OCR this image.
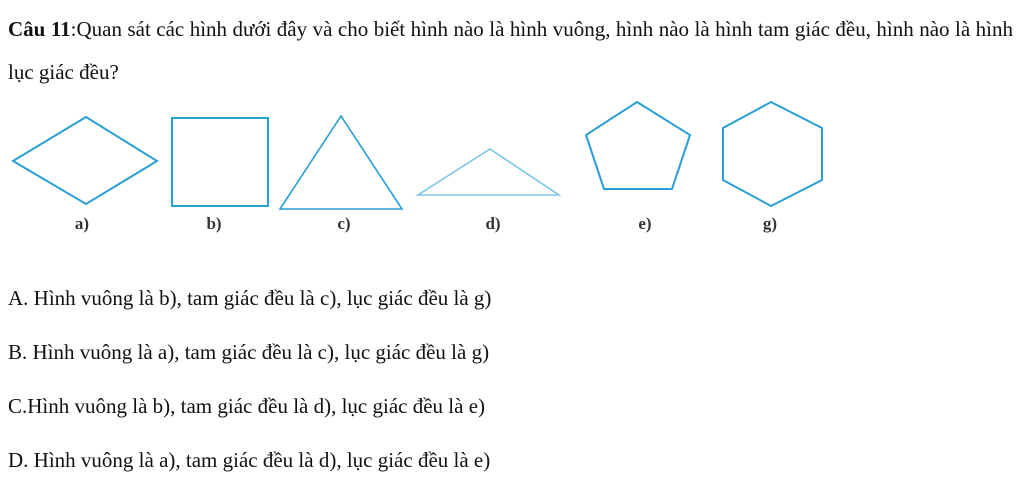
Câu 11:Quan sát các hình dưới đây và cho biết hình nào là hình vuông, hình nào là hình tam giác đều, hình nào là hình lục giác đều?

a)	b)	c)	d)	e)	g)
A. Hình vuông là b), tam giác đều là c), lục giác đều là g)
B. Hình vuông là a), tam giác đều là c), lục giác đều là g)
C.Hình vuông là b), tam giác đều là d), lục giác đều là e)
D. Hình vuông là a), tam giác đều là d), lục giác đều là e)
